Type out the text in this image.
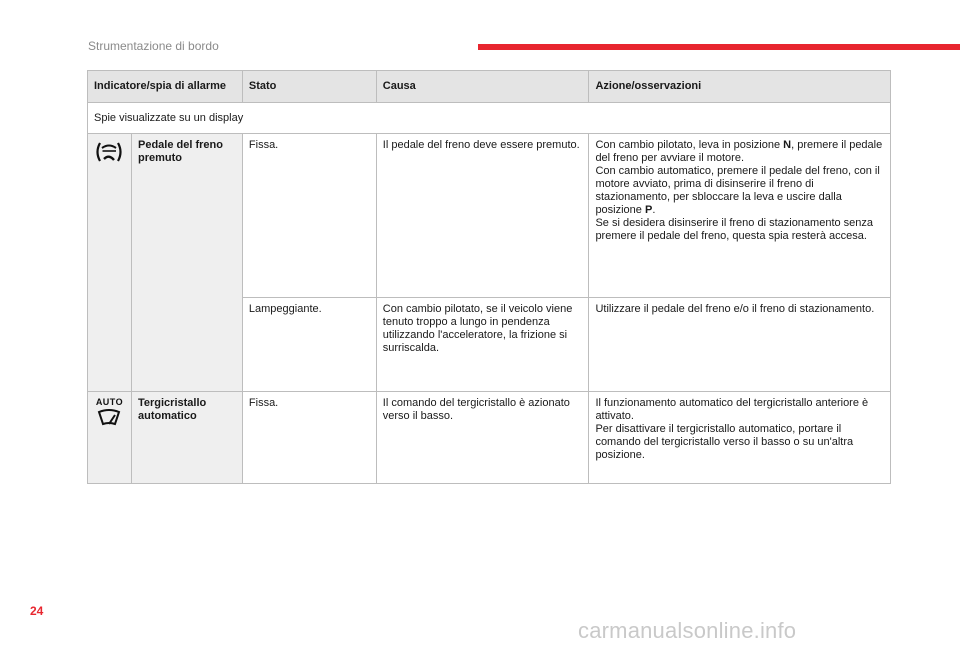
Strumentazione di bordo
Indicatore/spia di allarme		Stato	Causa	Azione/osservazioni
Spie visualizzate su un display				

	Pedale del freno premuto	Fissa.	Il pedale del freno deve essere premuto.	Con cambio pilotato, leva in posizione N, premere il pedale del freno per avviare il motore.
Con cambio automatico, premere il pedale del freno, con il motore avviato, prima di disinserire il freno di stazionamento, per sbloccare la leva e uscire dalla posizione P.
Se si desidera disinserire il freno di stazionamento senza premere il pedale del freno, questa spia resterà accesa.
		Lampeggiante.	Con cambio pilotato, se il veicolo viene tenuto troppo a lungo in pendenza utilizzando l'acceleratore, la frizione si surriscalda.	Utilizzare il pedale del freno e/o il freno di stazionamento.

AUTO	Tergicristallo automatico	Fissa.	Il comando del tergicristallo è azionato verso il basso.	Il funzionamento automatico del tergicristallo anteriore è attivato.
Per disattivare il tergicristallo automatico, portare il comando del tergicristallo verso il basso o su un'altra posizione.
24
carmanualsonline.info
